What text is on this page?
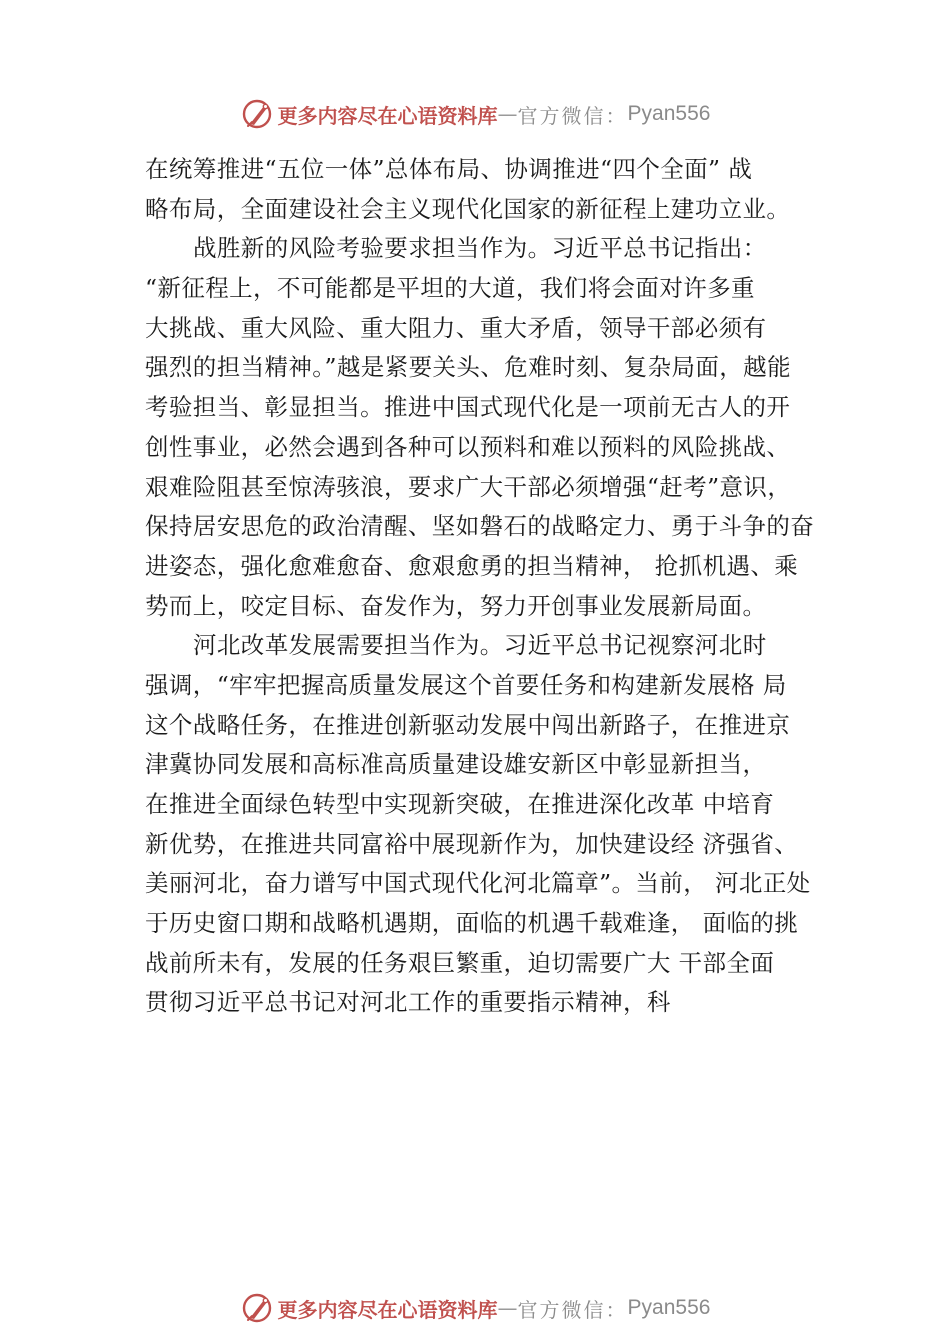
更多内容尽在心语资料库 — 官方微信： Pyan556
在统筹推进“五位一体”总体布局、协调推进“四个全面” 战
略布局，全面建设社会主义现代化国家的新征程上建功立业。
战胜新的风险考验要求担当作为。习近平总书记指出：
“新征程上，不可能都是平坦的大道，我们将会面对许多重
大挑战、重大风险、重大阻力、重大矛盾，领导干部必须有
强烈的担当精神。”越是紧要关头、危难时刻、复杂局面，越能
考验担当、彰显担当。推进中国式现代化是一项前无古人的开
创性事业，必然会遇到各种可以预料和难以预料的风险挑战、
艰难险阻甚至惊涛骇浪，要求广大干部必须增强“赶考”意识，
保持居安思危的政治清醒、坚如磐石的战略定力、勇于斗争的奋
进姿态，强化愈难愈奋、愈艰愈勇的担当精神， 抢抓机遇、乘
势而上，咬定目标、奋发作为，努力开创事业发展新局面。
河北改革发展需要担当作为。习近平总书记视察河北时
强调，“牢牢把握高质量发展这个首要任务和构建新发展格 局
这个战略任务，在推进创新驱动发展中闯出新路子，在推进京
津冀协同发展和高标准高质量建设雄安新区中彰显新担当，
在推进全面绿色转型中实现新突破，在推进深化改革 中培育
新优势，在推进共同富裕中展现新作为，加快建设经 济强省、
美丽河北，奋力谱写中国式现代化河北篇章”。当前， 河北正处
于历史窗口期和战略机遇期，面临的机遇千载难逢， 面临的挑
战前所未有，发展的任务艰巨繁重，迫切需要广大 干部全面
贯彻习近平总书记对河北工作的重要指示精神，科
更多内容尽在心语资料库 — 官方微信： Pyan556
